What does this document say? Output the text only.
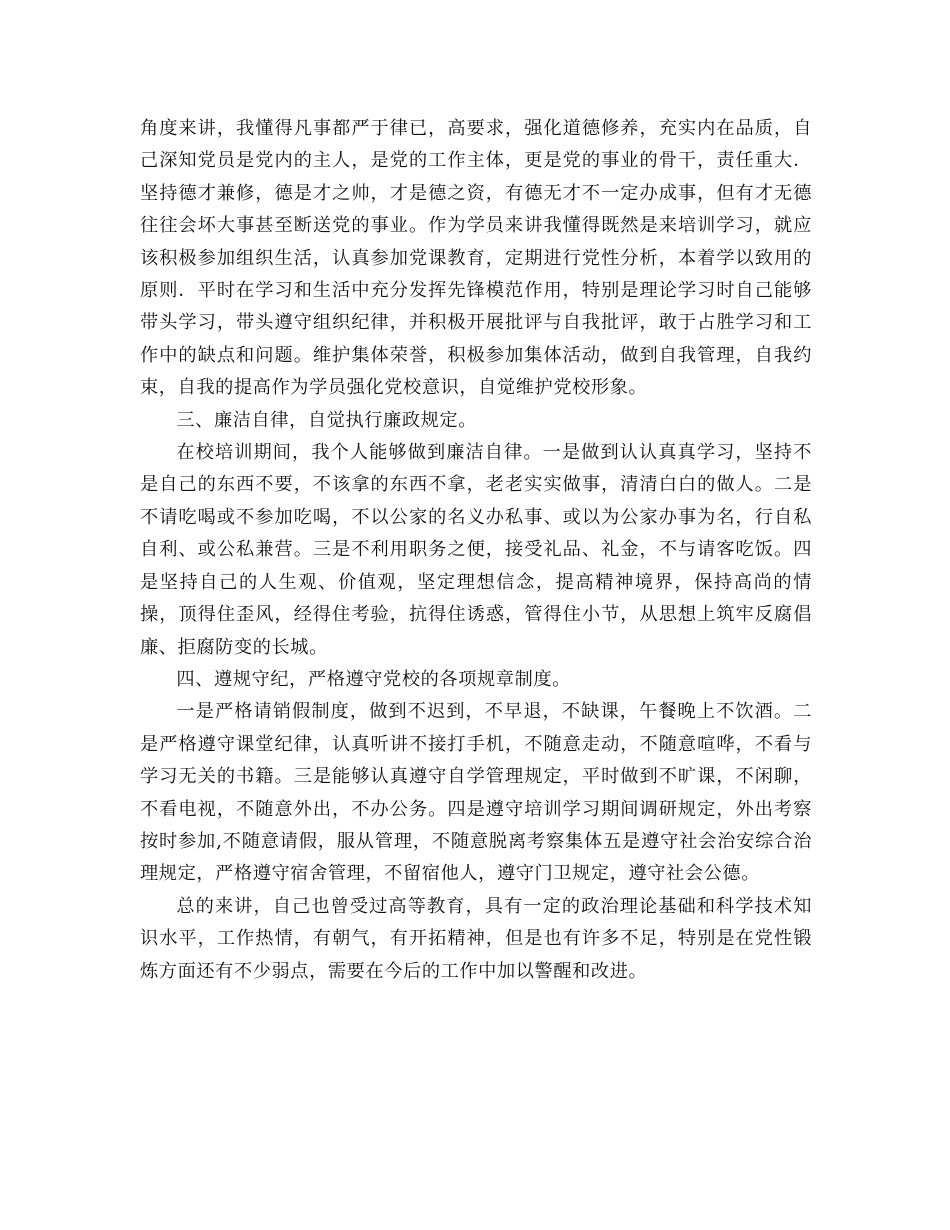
角度来讲，我懂得凡事都严于律已，高要求，强化道德修养，充实内在品质，自己深知党员是党内的主人，是党的工作主体，更是党的事业的骨干，责任重大．坚持德才兼修，德是才之帅，才是德之资，有德无才不一定办成事，但有才无德往往会坏大事甚至断送党的事业。作为学员来讲我懂得既然是来培训学习，就应该积极参加组织生活，认真参加党课教育，定期进行党性分析，本着学以致用的原则．平时在学习和生活中充分发挥先锋模范作用，特别是理论学习时自己能够带头学习，带头遵守组织纪律，并积极开展批评与自我批评，敢于占胜学习和工作中的缺点和问题。维护集体荣誉，积极参加集体活动，做到自我管理，自我约束，自我的提高作为学员强化党校意识，自觉维护党校形象。

三、廉洁自律，自觉执行廉政规定。

在校培训期间，我个人能够做到廉洁自律。一是做到认认真真学习，坚持不是自己的东西不要，不该拿的东西不拿，老老实实做事，清清白白的做人。二是不请吃喝或不参加吃喝，不以公家的名义办私事、或以为公家办事为名，行自私自利、或公私兼营。三是不利用职务之便，接受礼品、礼金，不与请客吃饭。四是坚持自己的人生观、价值观，坚定理想信念，提高精神境界，保持高尚的情操，顶得住歪风，经得住考验，抗得住诱惑，管得住小节，从思想上筑牢反腐倡廉、拒腐防变的长城。

四、遵规守纪，严格遵守党校的各项规章制度。

一是严格请销假制度，做到不迟到，不早退，不缺课，午餐晚上不饮酒。二是严格遵守课堂纪律，认真听讲不接打手机，不随意走动，不随意喧哗，不看与学习无关的书籍。三是能够认真遵守自学管理规定，平时做到不旷课，不闲聊，不看电视，不随意外出，不办公务。四是遵守培训学习期间调研规定，外出考察按时参加,不随意请假，服从管理，不随意脱离考察集体五是遵守社会治安综合治理规定，严格遵守宿舍管理，不留宿他人，遵守门卫规定，遵守社会公德。

总的来讲，自己也曾受过高等教育，具有一定的政治理论基础和科学技术知识水平，工作热情，有朝气，有开拓精神，但是也有许多不足，特别是在党性锻炼方面还有不少弱点，需要在今后的工作中加以警醒和改进。
